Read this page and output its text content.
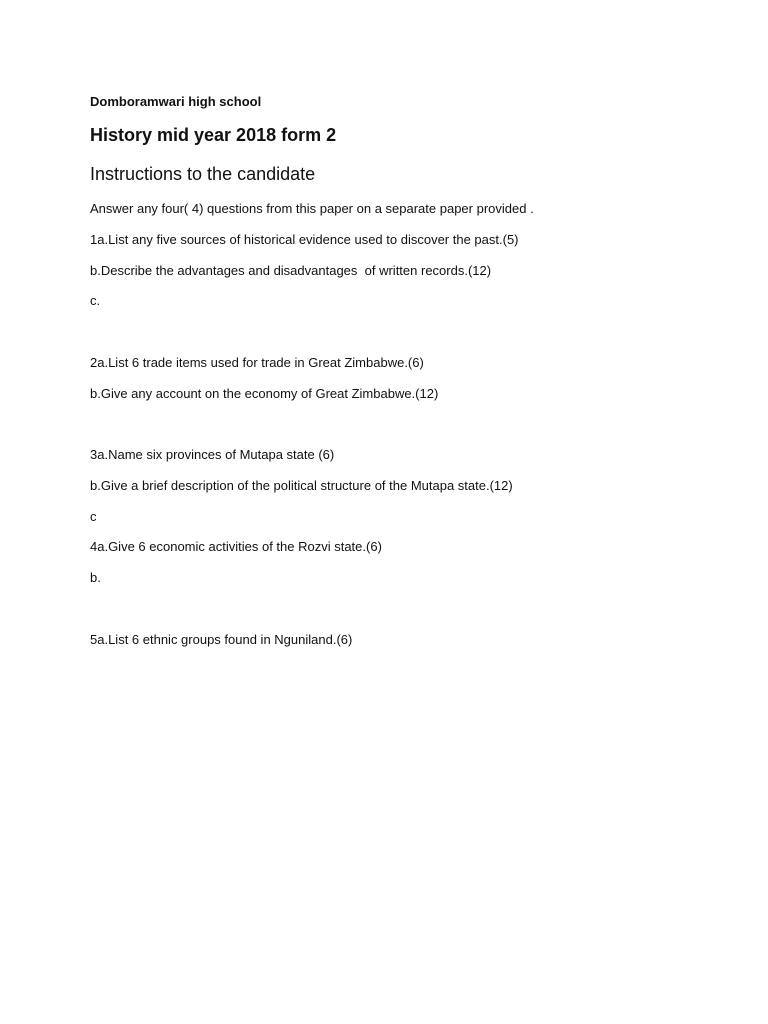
Domboramwari high school
History mid year 2018 form 2
Instructions to the candidate
Answer any four( 4) questions from this paper on a separate paper provided .
1a.List any five sources of historical evidence used to discover the past.(5)
b.Describe the advantages and disadvantages  of written records.(12)
c.
2a.List 6 trade items used for trade in Great Zimbabwe.(6)
b.Give any account on the economy of Great Zimbabwe.(12)
3a.Name six provinces of Mutapa state (6)
b.Give a brief description of the political structure of the Mutapa state.(12)
c
4a.Give 6 economic activities of the Rozvi state.(6)
b.
5a.List 6 ethnic groups found in Nguniland.(6)
